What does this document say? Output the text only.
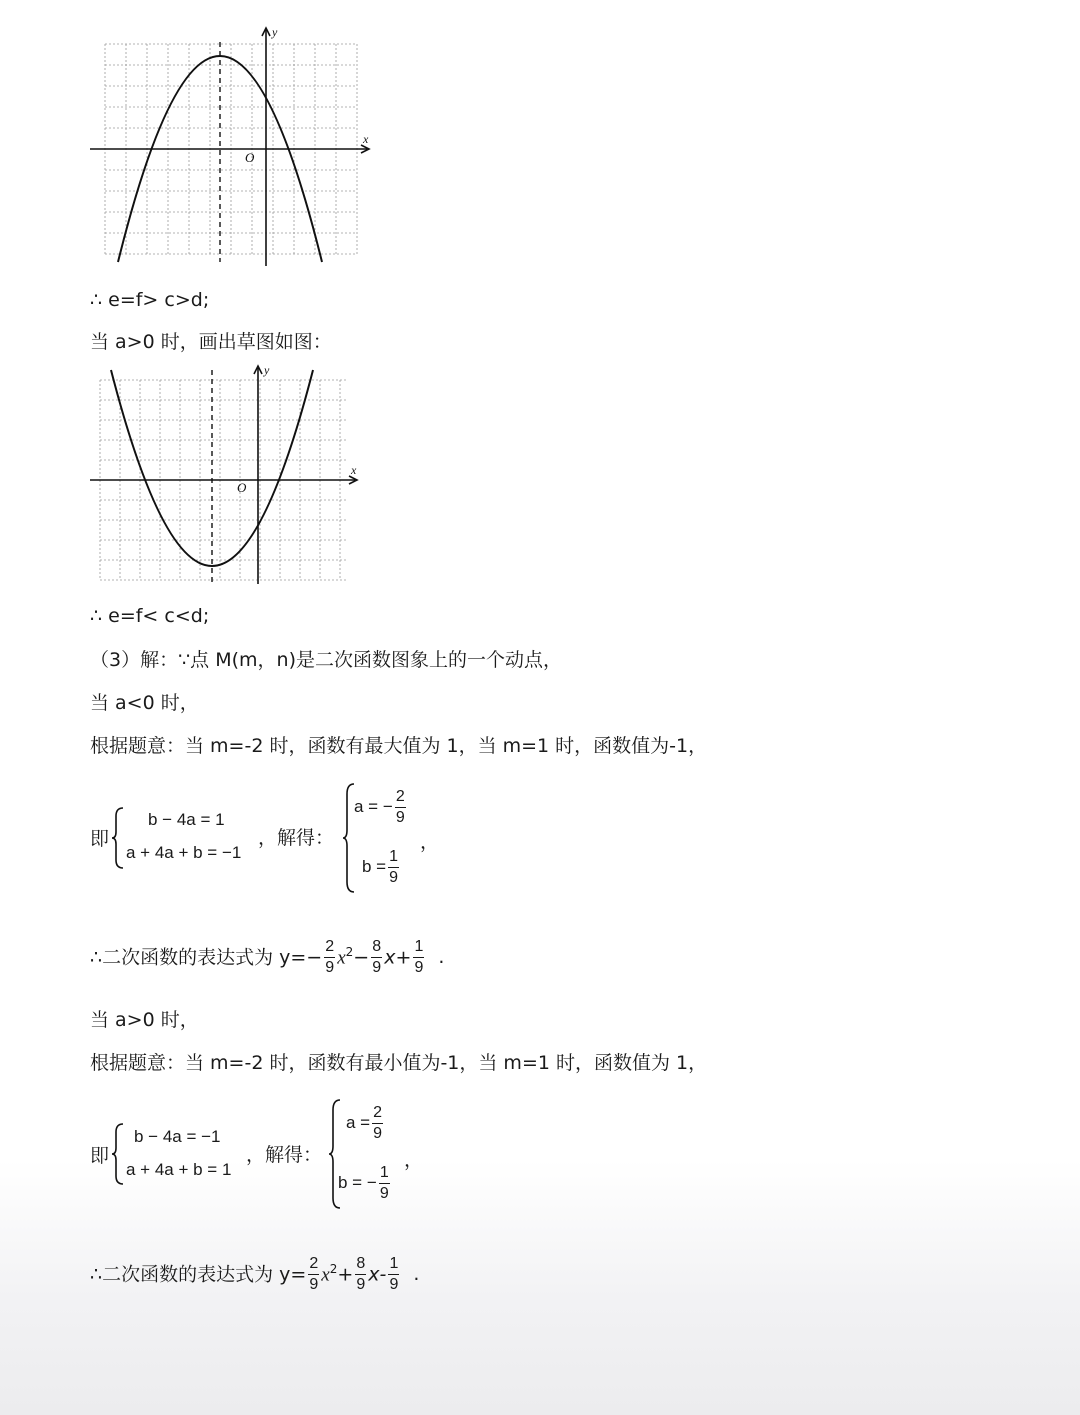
x
y
O
∴ e=f> c>d;
当 a>0 时，画出草图如图：
x
y
O
∴ e=f< c<d;
（3）解：∵点 M(m，n)是二次函数图象上的一个动点，
当 a<0 时，
根据题意：当 m=-2 时，函数有最大值为 1，当 m=1 时，函数值为-1，
即
b − 4a = 1
a + 4a + b = −1
，解得：
a = − $\frac{2}{9}$
$b = \frac{1}{9}$
，
∴二次函数的表达式为 $y=- \frac{2}{9} x^2- \frac{8}{9} x+ \frac{1}{9}$ .
当 a>0 时，
根据题意：当 m=-2 时，函数有最小值为-1，当 m=1 时，函数值为 1，
即
b − 4a = −1
a + 4a + b = 1
，解得：
$a = \frac{2}{9}$
b = − $\frac{1}{9}$
，
∴二次函数的表达式为 $y= \frac{2}{9} x^2+ \frac{8}{9} x- \frac{1}{9}$ .
